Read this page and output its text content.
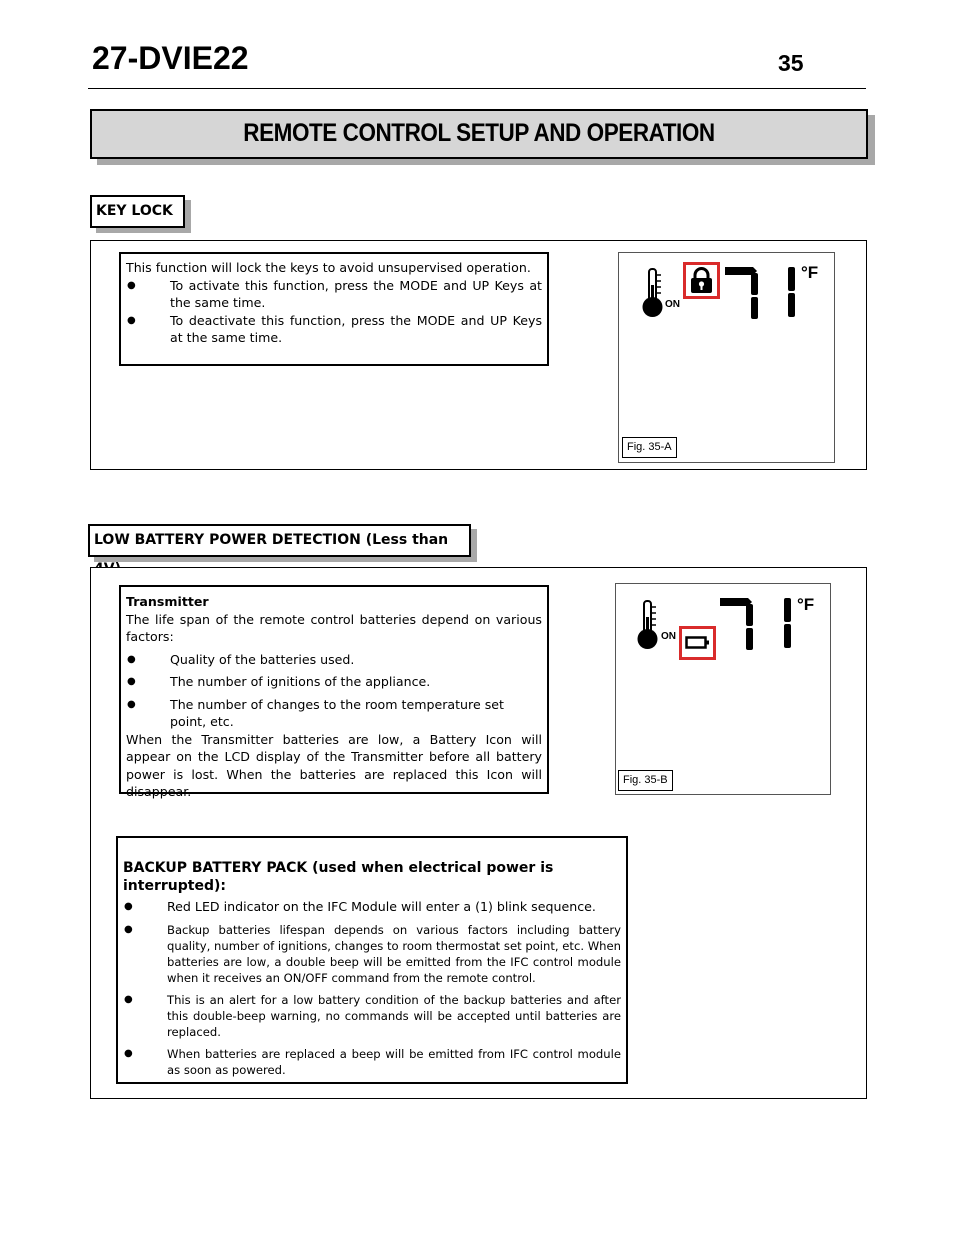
27-DVIE22	35
REMOTE CONTROL SETUP AND OPERATION
KEY LOCK

This function will lock the keys to avoid unsupervised operation.

● To activate this function, press the MODE and UP Keys at the same time.

● To deactivate this function, press the MODE and UP Keys at the same time.

ON
°F
Fig. 35-A
LOW BATTERY POWER DETECTION (Less than

Transmitter

The life span of the remote control batteries depend on various factors:

● Quality of the batteries used.

● The number of ignitions of the appliance.

● The number of changes to the room temperature set point, etc.

When the Transmitter batteries are low, a Battery Icon will appear on the LCD display of the Transmitter before all battery power is lost. When the batteries are replaced this Icon will disappear.

ON
°F
Fig. 35-B

BACKUP BATTERY PACK (used when electrical power is interrupted):

● Red LED indicator on the IFC Module will enter a (1) blink sequence.

● Backup batteries lifespan depends on various factors including battery quality, number of ignitions, changes to room thermostat set point, etc. When batteries are low, a double beep will be emitted from the IFC control module when it receives an ON/OFF command from the remote control.

● This is an alert for a low battery condition of the backup batteries and after this double-beep warning, no commands will be accepted until batteries are replaced.

● When batteries are replaced a beep will be emitted from IFC control module as soon as powered.
